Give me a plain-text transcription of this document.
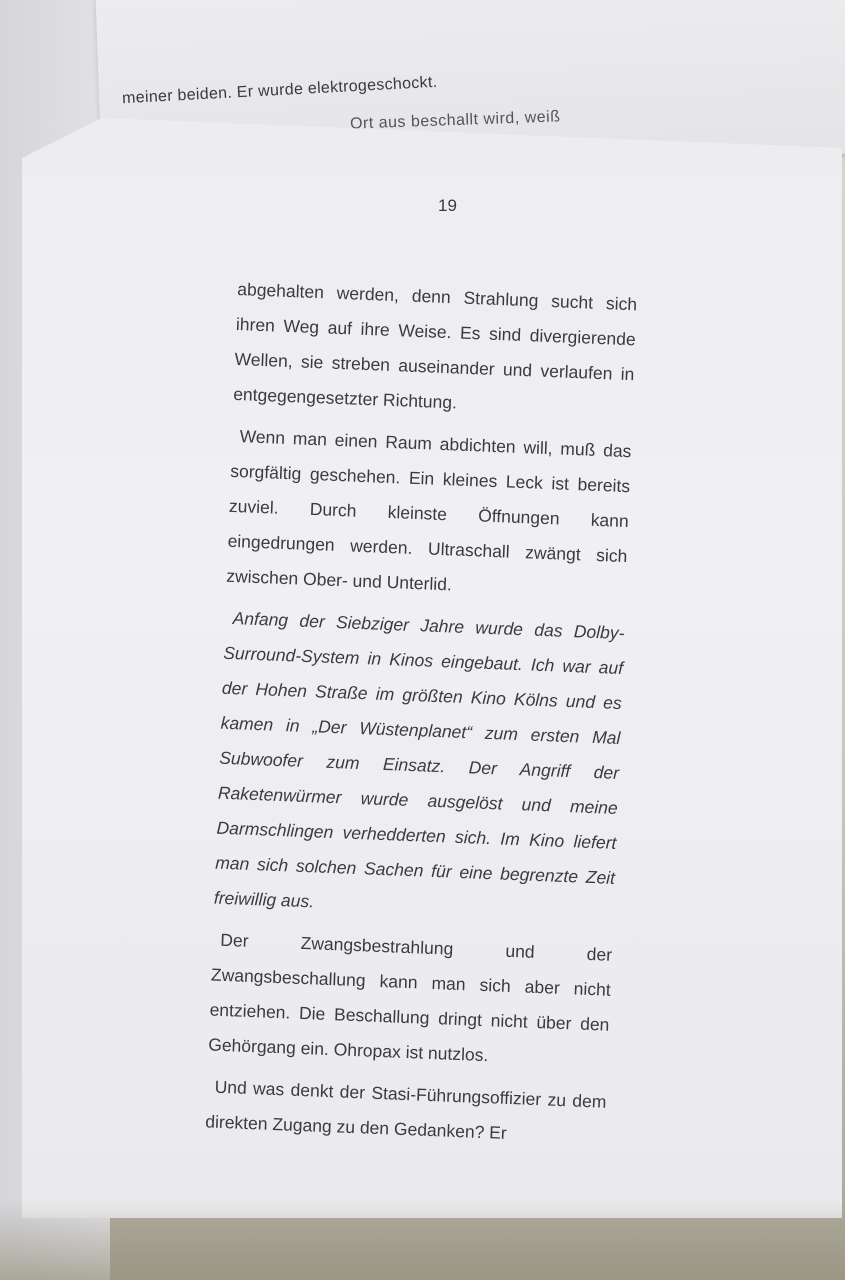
meiner beiden. Er wurde elektrogeschockt.
Ort aus beschallt wird, weiß
19

abgehalten werden, denn Strahlung sucht sich ihren Weg auf ihre Weise. Es sind divergierende Wellen, sie streben auseinander und verlaufen in entgegengesetzter Richtung.

Wenn man einen Raum abdichten will, muß das sorgfältig geschehen. Ein kleines Leck ist bereits zuviel. Durch kleinste Öffnungen kann eingedrungen werden. Ultraschall zwängt sich zwischen Ober- und Unterlid.

Anfang der Siebziger Jahre wurde das Dolby-Surround-System in Kinos eingebaut. Ich war auf der Hohen Straße im größten Kino Kölns und es kamen in „Der Wüstenplanet“ zum ersten Mal Subwoofer zum Einsatz. Der Angriff der Raketenwürmer wurde ausgelöst und meine Darmschlingen verhedderten sich. Im Kino liefert man sich solchen Sachen für eine begrenzte Zeit freiwillig aus.

Der Zwangsbestrahlung und der Zwangsbeschallung kann man sich aber nicht entziehen. Die Beschallung dringt nicht über den Gehörgang ein. Ohropax ist nutzlos.

Und was denkt der Stasi-Führungsoffizier zu dem direkten Zugang zu den Gedanken? Er
